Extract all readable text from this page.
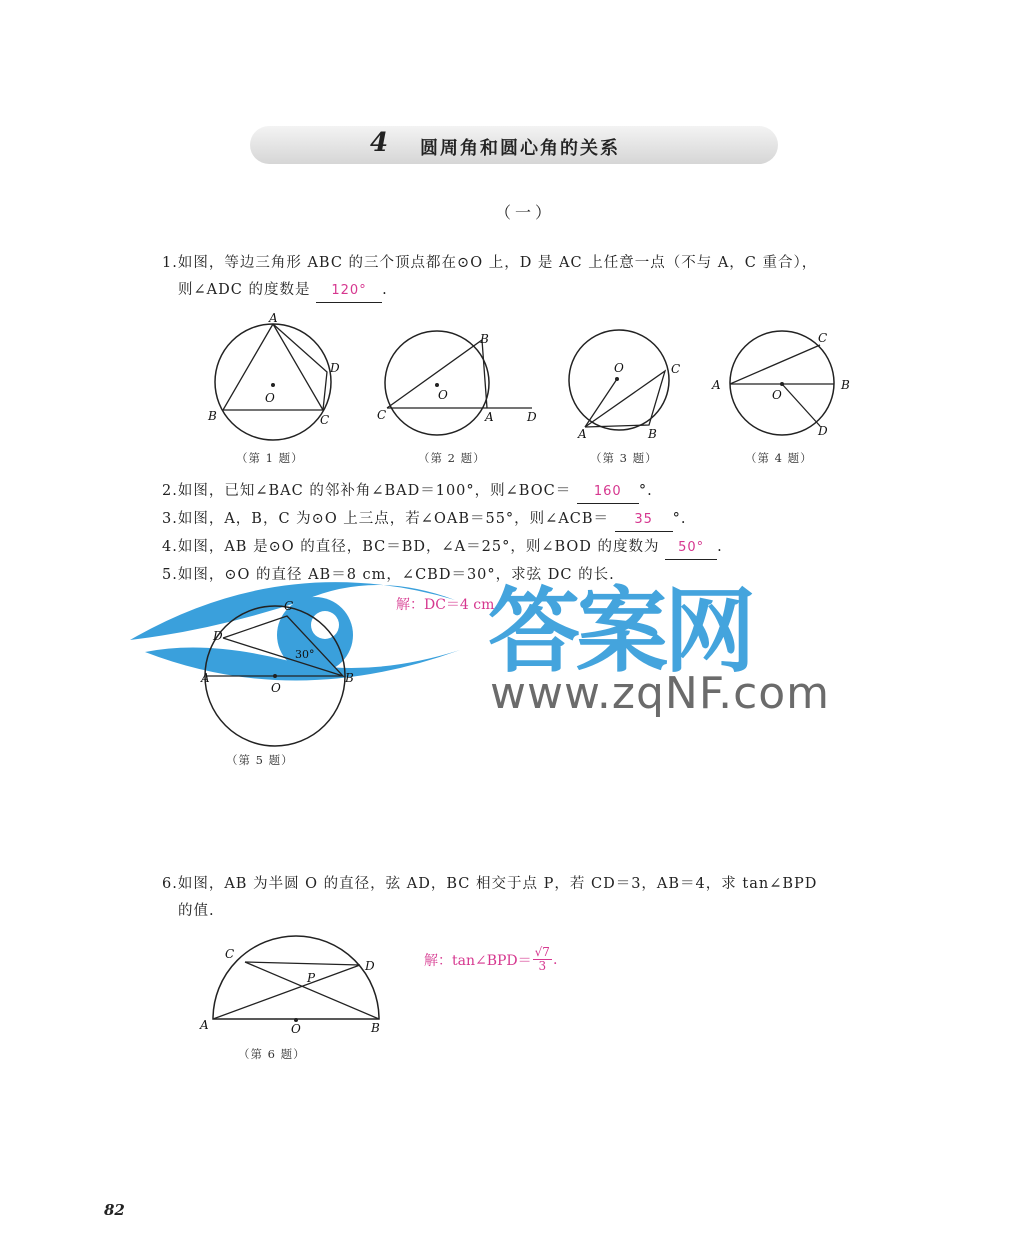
4 圆周角和圆心角的关系
（一）
1.如图，等边三角形 ABC 的三个顶点都在⊙O 上，D 是 AC 上任意一点（不与 A，C 重合），
则∠ADC 的度数是 120° .
A
B	C
D
O
B
C	A	D
O
O	C
A	B
C
A	B
O
D
（第 1 题）	（第 2 题）	（第 3 题）	（第 4 题）
2.如图，已知∠BAC 的邻补角∠BAD＝100°，则∠BOC＝ 160 °.
3.如图，A，B，C 为⊙O 上三点，若∠OAB＝55°，则∠ACB＝ 35 °.
4.如图，AB 是⊙O 的直径，BC＝BD，∠A＝25°，则∠BOD 的度数为 50° .
5.如图，⊙O 的直径 AB＝8 cm，∠CBD＝30°，求弦 DC 的长.
解：DC＝4 cm.
答案网
www.zqNF.com
C
D
A	B
O
30°
（第 5 题）
6.如图，AB 为半圆 O 的直径，弦 AD，BC 相交于点 P，若 CD＝3，AB＝4，求 tan∠BPD
的值.
解：tan∠BPD＝ $\frac{√7}{3}$ .
C
D
P
A	B
O
（第 6 题）
82
